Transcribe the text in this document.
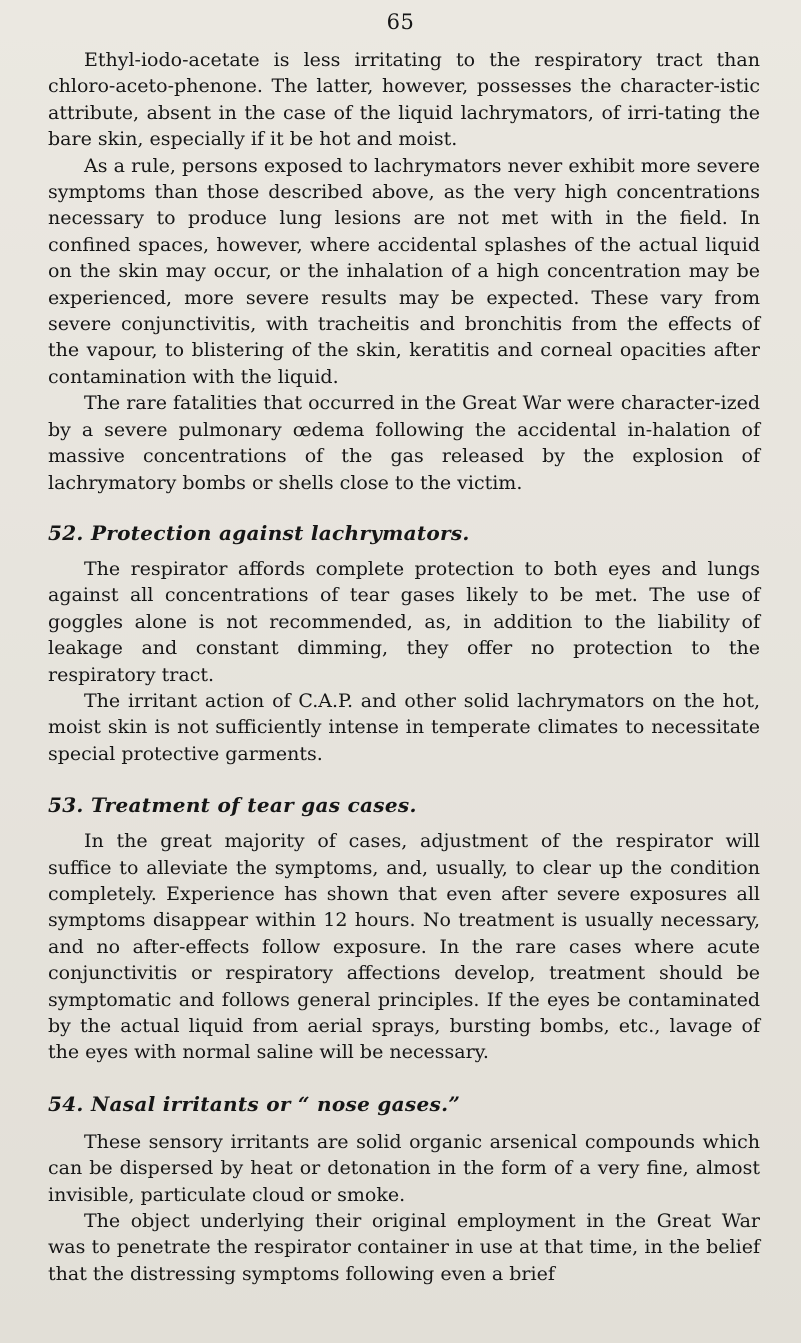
65

Ethyl-iodo-acetate is less irritating to the respiratory tract than chloro-aceto-phenone. The latter, however, possesses the character-istic attribute, absent in the case of the liquid lachrymators, of irri-tating the bare skin, especially if it be hot and moist.

As a rule, persons exposed to lachrymators never exhibit more severe symptoms than those described above, as the very high concentrations necessary to produce lung lesions are not met with in the field. In confined spaces, however, where accidental splashes of the actual liquid on the skin may occur, or the inhalation of a high concentration may be experienced, more severe results may be expected. These vary from severe conjunctivitis, with tracheitis and bronchitis from the effects of the vapour, to blistering of the skin, keratitis and corneal opacities after contamination with the liquid.

The rare fatalities that occurred in the Great War were character-ized by a severe pulmonary œdema following the accidental in-halation of massive concentrations of the gas released by the explosion of lachrymatory bombs or shells close to the victim.

52. Protection against lachrymators.

The respirator affords complete protection to both eyes and lungs against all concentrations of tear gases likely to be met. The use of goggles alone is not recommended, as, in addition to the liability of leakage and constant dimming, they offer no protection to the respiratory tract.

The irritant action of C.A.P. and other solid lachrymators on the hot, moist skin is not sufficiently intense in temperate climates to necessitate special protective garments.

53. Treatment of tear gas cases.

In the great majority of cases, adjustment of the respirator will suffice to alleviate the symptoms, and, usually, to clear up the condition completely. Experience has shown that even after severe exposures all symptoms disappear within 12 hours. No treatment is usually necessary, and no after-effects follow exposure. In the rare cases where acute conjunctivitis or respiratory affections develop, treatment should be symptomatic and follows general principles. If the eyes be contaminated by the actual liquid from aerial sprays, bursting bombs, etc., lavage of the eyes with normal saline will be necessary.

54. Nasal irritants or “ nose gases.”

These sensory irritants are solid organic arsenical compounds which can be dispersed by heat or detonation in the form of a very fine, almost invisible, particulate cloud or smoke.

The object underlying their original employment in the Great War was to penetrate the respirator container in use at that time, in the belief that the distressing symptoms following even a brief
